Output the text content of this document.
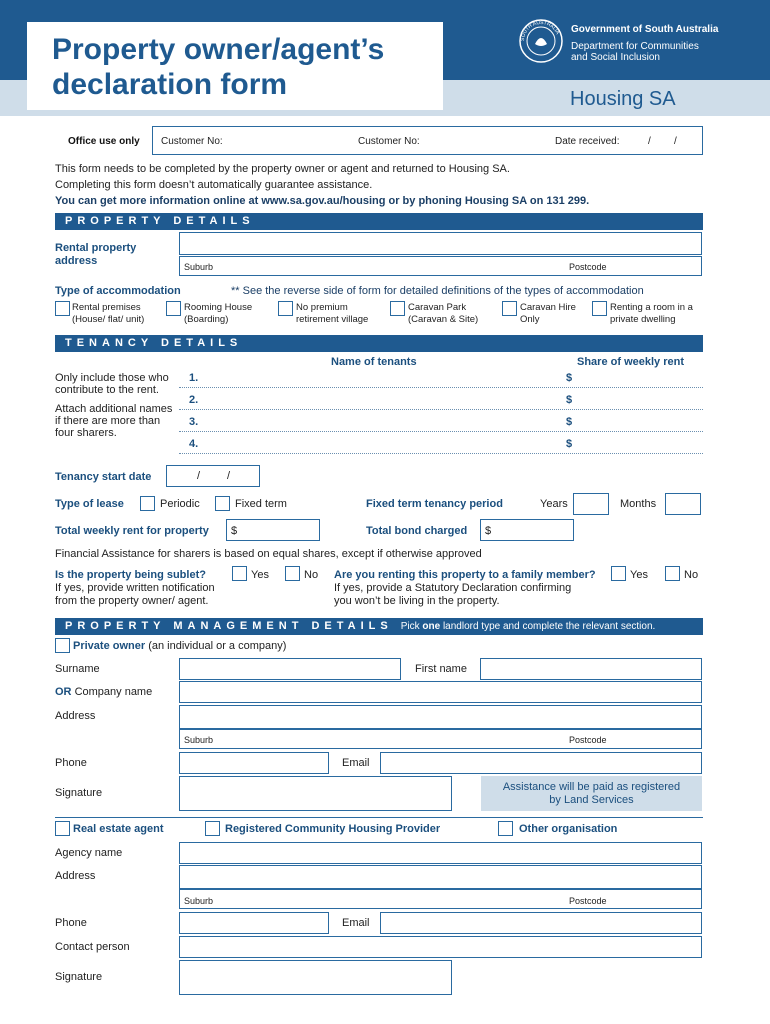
Property owner/agent’s
declaration form
SOUTH AUSTRALIA Government of South Australia
Department for Communities
and Social Inclusion
Housing SA
Office use only Customer No:	Customer No:	Date received:	/ /
This form needs to be completed by the property owner or agent and returned to Housing SA.
Completing this form doesn’t automatically guarantee assistance.
You can get more information online at www.sa.gov.au/housing or by phoning Housing SA on 131 299.
PROPERTY DETAILS
Rental property
address	Suburb	Postcode
Type of accommodation	** See the reverse side of form for detailed definitions of the types of accommodation
Rental premises
(House/ flat/ unit)
Rooming House
(Boarding)
No premium
retirement village
Caravan Park
(Caravan & Site)
Caravan Hire
Only
Renting a room in a
private dwelling
TENANCY DETAILS
Name of tenants	Share of weekly rent
Only include those who
contribute to the rent.
Attach additional names
if there are more than
four sharers.
1.	$
2.	$
3.	$
4.	$
Tenancy start date	/ /
Type of lease	Periodic	Fixed term	Fixed term tenancy period	Years	Months
Total weekly rent for property $	Total bond charged $
Financial Assistance for sharers is based on equal shares, except if otherwise approved
Is the property being sublet?	Yes	No
If yes, provide written notification
from the property owner/ agent.
Are you renting this property to a family member?	Yes	No
If yes, provide a Statutory Declaration confirming
you won’t be living in the property.
PROPERTY MANAGEMENT DETAILS Pick one landlord type and complete the relevant section.
Private owner (an individual or a company)
Surname	First name
OR Company name
Address
Suburb	Postcode
Phone	Email
Signature	Assistance will be paid as registered
by Land Services
Real estate agent	Registered Community Housing Provider	Other organisation
Agency name
Address
Suburb	Postcode
Phone	Email
Contact person
Signature
